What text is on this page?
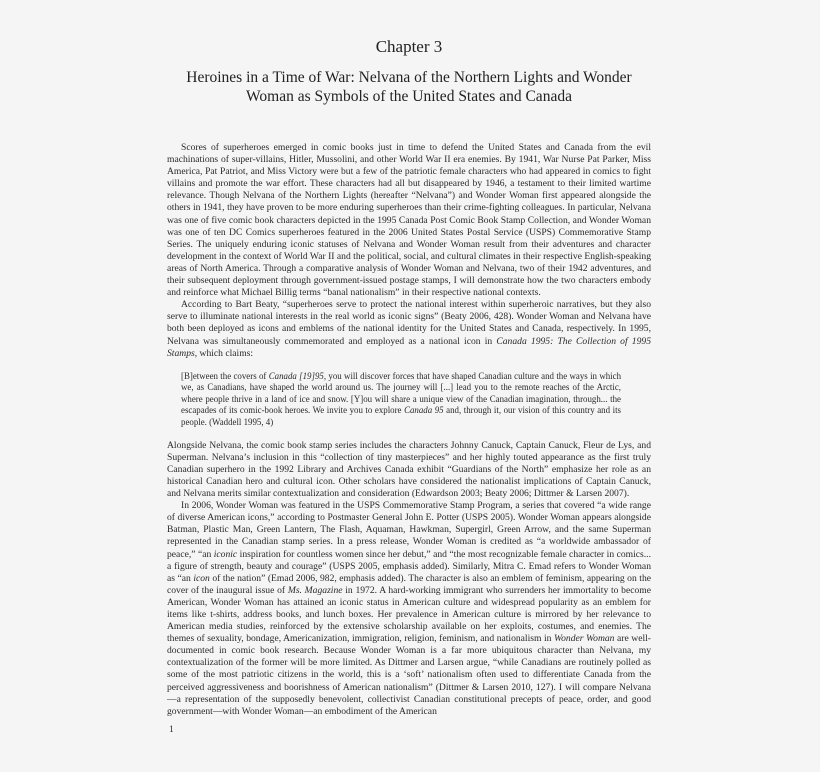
Chapter 3
Heroines in a Time of War: Nelvana of the Northern Lights and Wonder
Woman as Symbols of the United States and Canada

Scores of superheroes emerged in comic books just in time to defend the United States and Canada from the evil machinations of super-villains, Hitler, Mussolini, and other World War II era enemies. By 1941, War Nurse Pat Parker, Miss America, Pat Patriot, and Miss Victory were but a few of the patriotic female characters who had appeared in comics to fight villains and promote the war effort. These characters had all but disappeared by 1946, a testament to their limited wartime relevance. Though Nelvana of the Northern Lights (hereafter “Nelvana”) and Wonder Woman first appeared alongside the others in 1941, they have proven to be more enduring superheroes than their crime-fighting colleagues. In particular, Nelvana was one of five comic book characters depicted in the 1995 Canada Post Comic Book Stamp Collection, and Wonder Woman was one of ten DC Comics superheroes featured in the 2006 United States Postal Service (USPS) Commemorative Stamp Series. The uniquely enduring iconic statuses of Nelvana and Wonder Woman result from their adventures and character development in the context of World War II and the political, social, and cultural climates in their respective English-speaking areas of North America. Through a comparative analysis of Wonder Woman and Nelvana, two of their 1942 adventures, and their subsequent deployment through government-issued postage stamps, I will demonstrate how the two characters embody and reinforce what Michael Billig terms “banal nationalism” in their respective national contexts.

According to Bart Beaty, “superheroes serve to protect the national interest within superheroic narratives, but they also serve to illuminate national interests in the real world as iconic signs” (Beaty 2006, 428). Wonder Woman and Nelvana have both been deployed as icons and emblems of the national identity for the United States and Canada, respectively. In 1995, Nelvana was simultaneously commemorated and employed as a national icon in Canada 1995: The Collection of 1995 Stamps, which claims:

[B]etween the covers of Canada [19]95, you will discover forces that have shaped Canadian culture and the ways in which we, as Canadians, have shaped the world around us. The journey will [...] lead you to the remote reaches of the Arctic, where people thrive in a land of ice and snow. [Y]ou will share a unique view of the Canadian imagination, through... the escapades of its comic-book heroes. We invite you to explore Canada 95 and, through it, our vision of this country and its people. (Waddell 1995, 4)

Alongside Nelvana, the comic book stamp series includes the characters Johnny Canuck, Captain Canuck, Fleur de Lys, and Superman. Nelvana’s inclusion in this “collection of tiny masterpieces” and her highly touted appearance as the first truly Canadian superhero in the 1992 Library and Archives Canada exhibit “Guardians of the North” emphasize her role as an historical Canadian hero and cultural icon. Other scholars have considered the nationalist implications of Captain Canuck, and Nelvana merits similar contextualization and consideration (Edwardson 2003; Beaty 2006; Dittmer & Larsen 2007).

In 2006, Wonder Woman was featured in the USPS Commemorative Stamp Program, a series that covered “a wide range of diverse American icons,” according to Postmaster General John E. Potter (USPS 2005). Wonder Woman appears alongside Batman, Plastic Man, Green Lantern, The Flash, Aquaman, Hawkman, Supergirl, Green Arrow, and the same Superman represented in the Canadian stamp series. In a press release, Wonder Woman is credited as “a worldwide ambassador of peace,” “an iconic inspiration for countless women since her debut,” and “the most recognizable female character in comics... a figure of strength, beauty and courage” (USPS 2005, emphasis added). Similarly, Mitra C. Emad refers to Wonder Woman as “an icon of the nation” (Emad 2006, 982, emphasis added). The character is also an emblem of feminism, appearing on the cover of the inaugural issue of Ms. Magazine in 1972. A hard-working immigrant who surrenders her immortality to become American, Wonder Woman has attained an iconic status in American culture and widespread popularity as an emblem for items like t-shirts, address books, and lunch boxes. Her prevalence in American culture is mirrored by her relevance to American media studies, reinforced by the extensive scholarship available on her exploits, costumes, and enemies. The themes of sexuality, bondage, Americanization, immigration, religion, feminism, and nationalism in Wonder Woman are well-documented in comic book research. Because Wonder Woman is a far more ubiquitous character than Nelvana, my contextualization of the former will be more limited. As Dittmer and Larsen argue, “while Canadians are routinely polled as some of the most patriotic citizens in the world, this is a ‘soft’ nationalism often used to differentiate Canada from the perceived aggressiveness and boorishness of American nationalism” (Dittmer & Larsen 2010, 127). I will compare Nelvana—a representation of the supposedly benevolent, collectivist Canadian constitutional precepts of peace, order, and good government—with Wonder Woman—an embodiment of the American

1
